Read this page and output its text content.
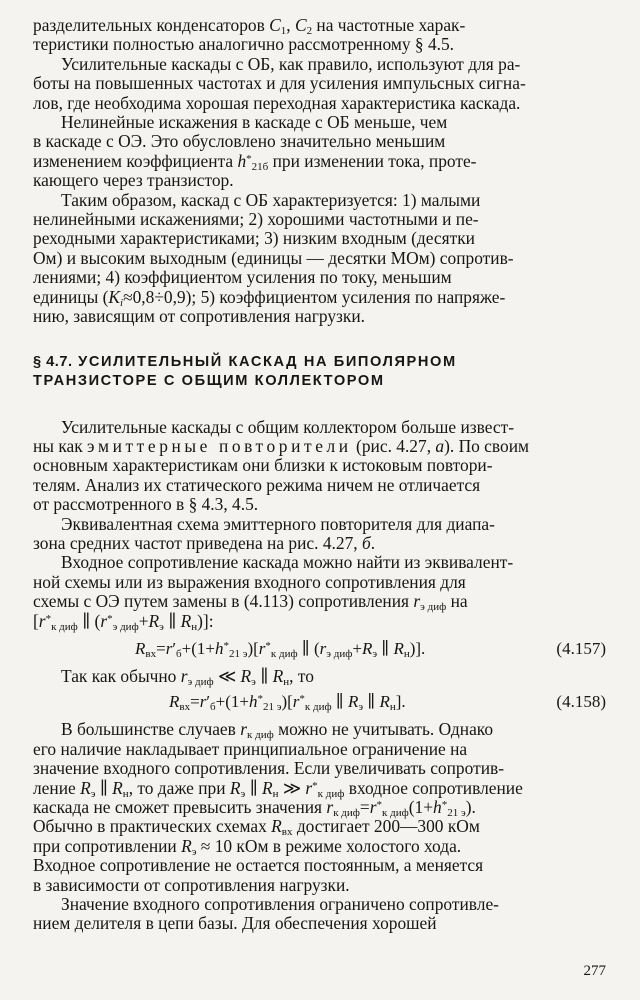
разделительных конденсаторов $C_1$, $C_2$ на частотные харак-
теристики полностью аналогично рассмотренному § 4.5.

Усилительные каскады с ОБ, как правило, используют для ра-
боты на повышенных частотах и для усиления импульсных сигна-
лов, где необходима хорошая переходная характеристика каскада.

Нелинейные искажения в каскаде с ОБ меньше, чем
в каскаде с ОЭ. Это обусловлено значительно меньшим
изменением коэффициента $h^*_{21б}$ при изменении тока, проте-
кающего через транзистор.

Таким образом, каскад с ОБ характеризуется: 1) малыми
нелинейными искажениями; 2) хорошими частотными и пе-
реходными характеристиками; 3) низким входным (десятки
Ом) и высоким выходным (единицы — десятки МОм) сопротив-
лениями; 4) коэффициентом усиления по току, меньшим
единицы $(K_i\approx 0,8\div 0,9)$; 5) коэффициентом усиления по напряже-
нию, зависящим от сопротивления нагрузки.

§ 4.7. УСИЛИТЕЛЬНЫЙ КАСКАД НА БИПОЛЯРНОМ
ТРАНЗИСТОРЕ С ОБЩИМ КОЛЛЕКТОРОМ

Усилительные каскады с общим коллектором больше извест-
ны как эмиттерные повторители (рис. 4.27, а). По своим
основным характеристикам они близки к истоковым повтори-
телям. Анализ их статического режима ничем не отличается
от рассмотренного в § 4.3, 4.5.

Эквивалентная схема эмиттерного повторителя для диапа-
зона средних частот приведена на рис. 4.27, б.

Входное сопротивление каскада можно найти из эквивалент-
ной схемы или из выражения входного сопротивления для
схемы с ОЭ путем замены в (4.113) сопротивления $r_{э диф}$ на
[$r^*_{к диф}$ ∥ ($r^*_{э диф}+R_э$ ∥ $R_н$)]:

$R_{вх}=r'_б+(1+h^*_{21 э})[r^*_{к диф}$ ∥ ($r_{э диф}+R_э$ ∥ $R_н$)].	(4.157)

Так как обычно $r_{э диф}$ ≪ $R_э$ ∥ $R_н$, то

$R_{вх}=r'_б+(1+h^*_{21 э})[r^*_{к диф}$ ∥ $R_э$ ∥ $R_н$].	(4.158)

В большинстве случаев $r_{к диф}$ можно не учитывать. Однако
его наличие накладывает принципиальное ограничение на
значение входного сопротивления. Если увеличивать сопротив-
ление $R_э$ ∥ $R_н$, то даже при $R_э$ ∥ $R_н$ ≫ $r^*_{к диф}$ входное сопротивление
каскада не сможет превысить значения $r_{к диф}=r^*_{к диф}(1+h^*_{21 э})$.
Обычно в практических схемах $R_{вх}$ достигает 200—300 кОм
при сопротивлении $R_э \approx 10$ кОм в режиме холостого хода.
Входное сопротивление не остается постоянным, а меняется
в зависимости от сопротивления нагрузки.

Значение входного сопротивления ограничено сопротивле-
нием делителя в цепи базы. Для обеспечения хорошей

277
